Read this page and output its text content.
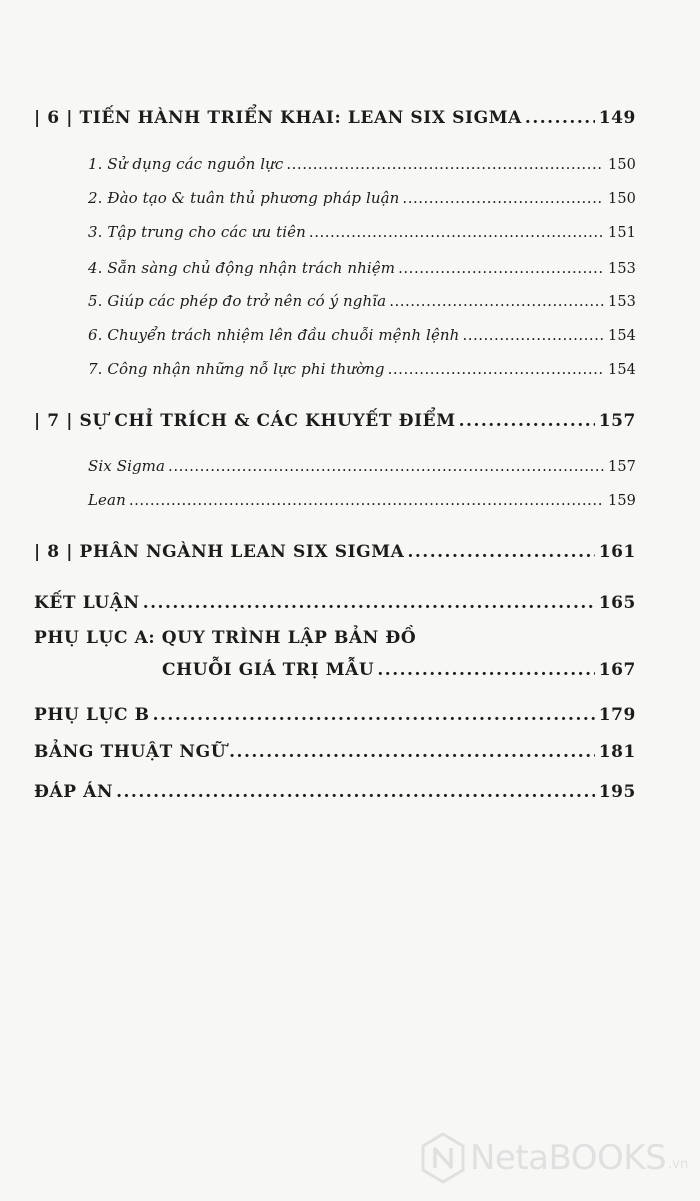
| 6 | TIẾN HÀNH TRIỂN KHAI: LEAN SIX SIGMA .....	149
1. Sử dụng các nguồn lực .....	150
2. Đào tạo & tuân thủ phương pháp luận .....	150
3. Tập trung cho các ưu tiên .....	151
4. Sẵn sàng chủ động nhận trách nhiệm .....	153
5. Giúp các phép đo trở nên có ý nghĩa .....	153
6. Chuyển trách nhiệm lên đầu chuỗi mệnh lệnh .....	154
7. Công nhận những nỗ lực phi thường .....	154
| 7 | SỰ CHỈ TRÍCH & CÁC KHUYẾT ĐIỂM .....	157
Six Sigma .....	157
Lean .....	159
| 8 | PHÂN NGÀNH LEAN SIX SIGMA .....	161
KẾT LUẬN .....	165
PHỤ LỤC A: QUY TRÌNH LẬP BẢN ĐỒ
CHUỖI GIÁ TRỊ MẪU .....	167
PHỤ LỤC B .....	179
BẢNG THUẬT NGỮ .....	181
ĐÁP ÁN .....	195
NetaBOOKS .vn
